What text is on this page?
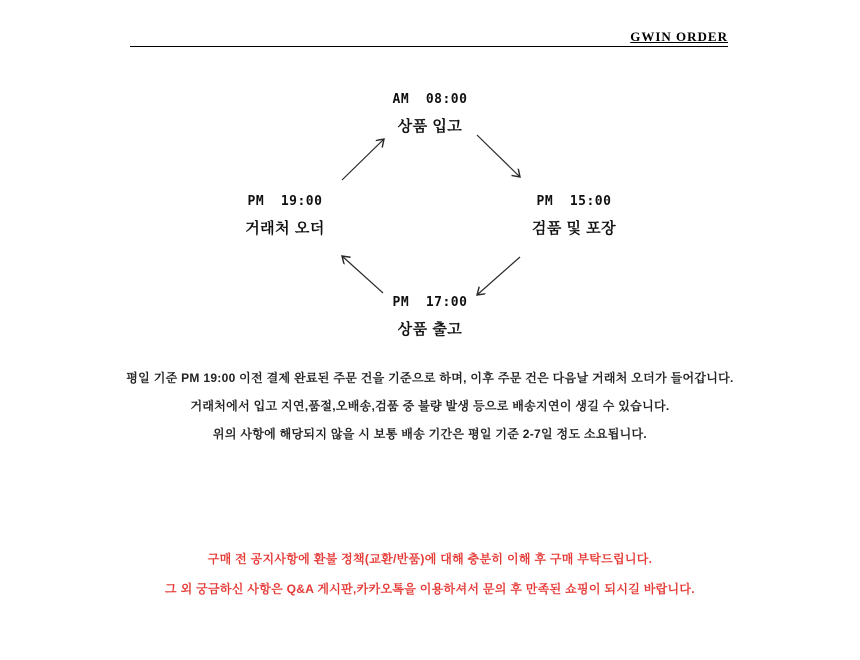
GWIN ORDER
AM  08:00
상품 입고
PM  15:00
검품 및 포장
PM  17:00
상품 출고
PM  19:00
거래처 오더
평일 기준 PM 19:00 이전 결제 완료된 주문 건을 기준으로 하며, 이후 주문 건은 다음날 거래처 오더가 들어갑니다.
거래처에서 입고 지연,품절,오배송,검품 중 불량 발생 등으로 배송지연이 생길 수 있습니다.
위의 사항에 해당되지 않을 시 보통 배송 기간은 평일 기준 2-7일 정도 소요됩니다.
구매 전 공지사항에 환불 정책(교환/반품)에 대해 충분히 이해 후 구매 부탁드립니다.
그 외 궁금하신 사항은 Q&A 게시판,카카오톡을 이용하셔서 문의 후 만족된 쇼핑이 되시길 바랍니다.
